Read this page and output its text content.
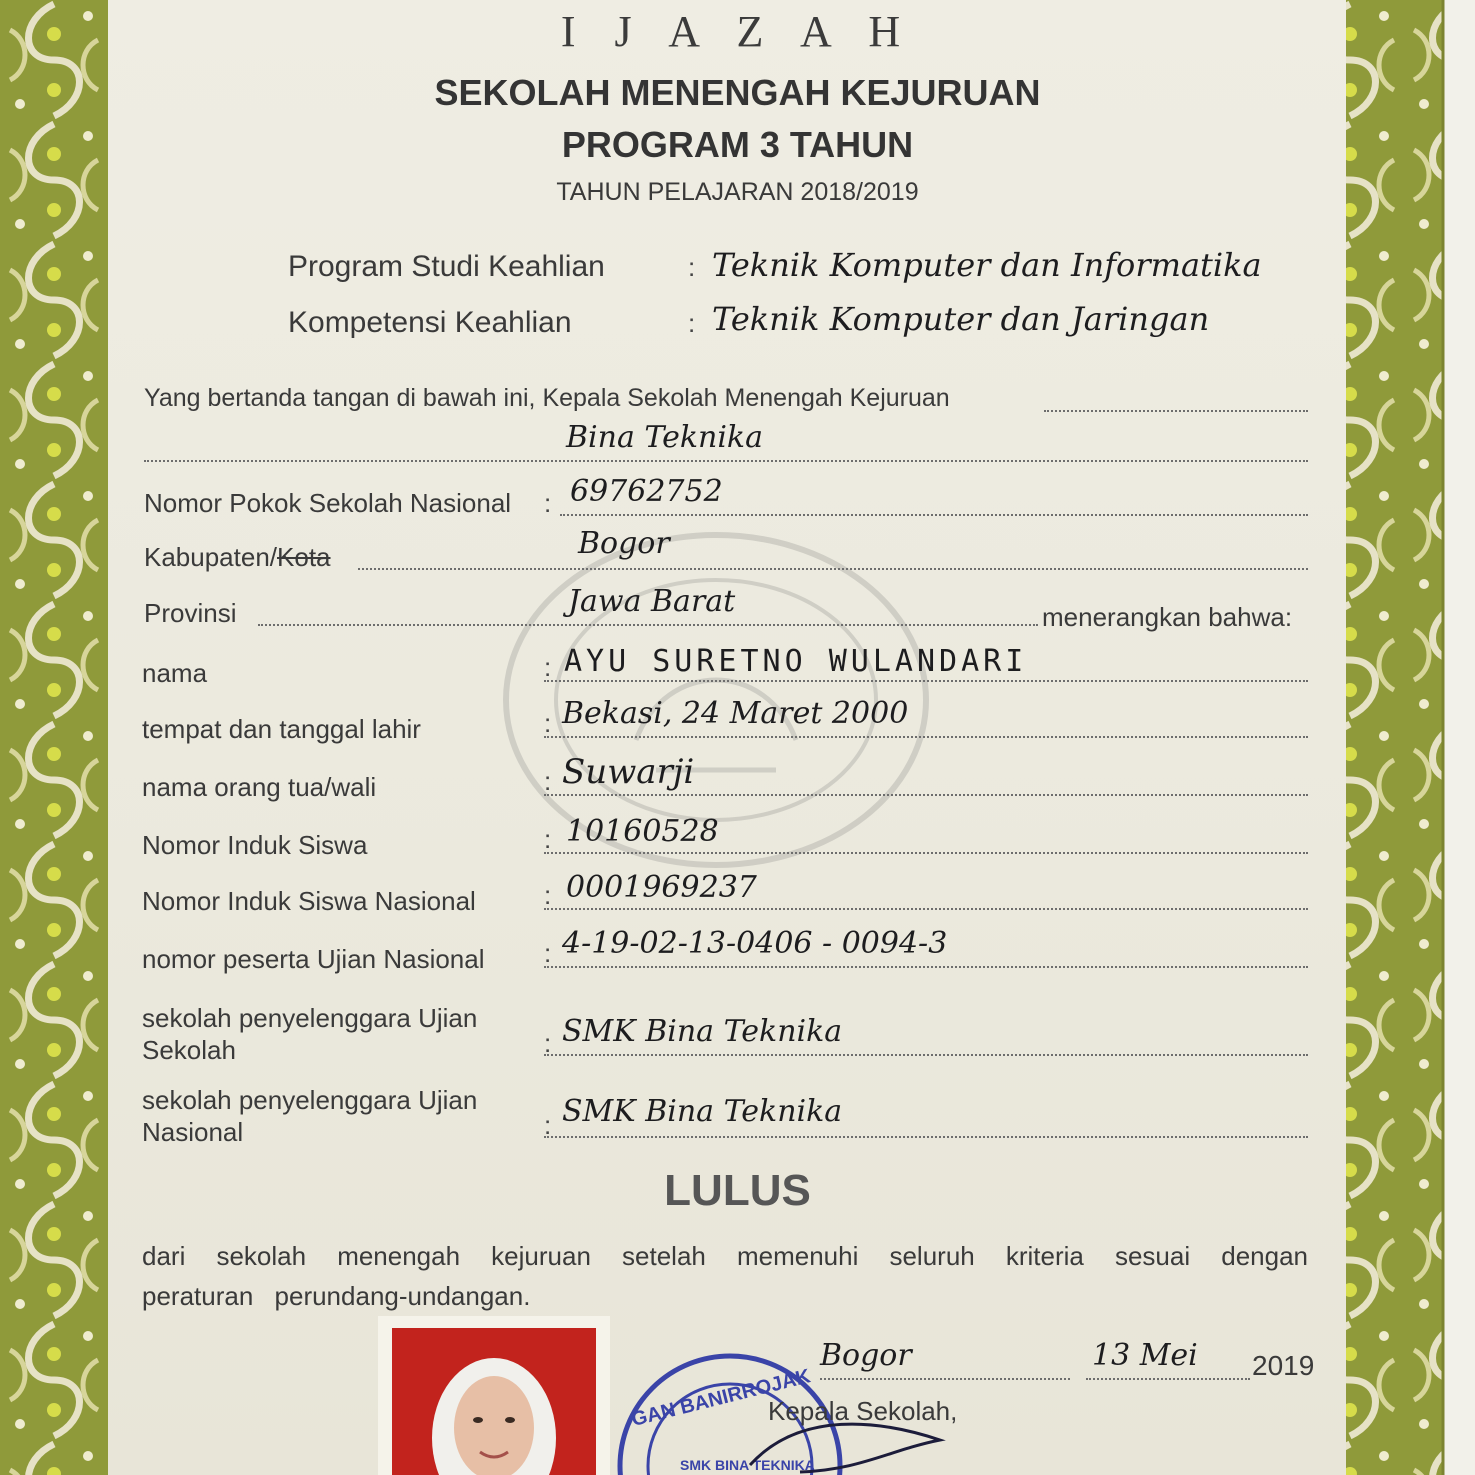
I J A Z A H
SEKOLAH MENENGAH KEJURUAN
PROGRAM 3 TAHUN
TAHUN PELAJARAN 2018/2019
Program Studi Keahlian	: Teknik Komputer dan Informatika
Kompetensi Keahlian	: Teknik Komputer dan Jaringan
Yang bertanda tangan di bawah ini, Kepala Sekolah Menengah Kejuruan
Bina Teknika
Nomor Pokok Sekolah Nasional : 69762752
Kabupaten/Kota	Bogor
Provinsi	Jawa Barat	menerangkan bahwa:
nama	: AYU SURETNO WULANDARI
tempat dan tanggal lahir	: Bekasi, 24 Maret 2000
nama orang tua/wali	: Suwarji
Nomor Induk Siswa	: 10160528
Nomor Induk Siswa Nasional	: 0001969237
nomor peserta Ujian Nasional : 4-19-02-13-0406 - 0094-3
sekolah penyelenggara Ujian
Sekolah	: SMK Bina Teknika
sekolah penyelenggara Ujian
Nasional	: SMK Bina Teknika
LULUS
dari sekolah menengah kejuruan setelah memenuhi seluruh kriteria sesuai dengan peraturan perundang-undangan.
GAN BANIRROJAK
SMK BINA TEKNIKA
Bogor	13 Mei 2019
Kepala Sekolah,
